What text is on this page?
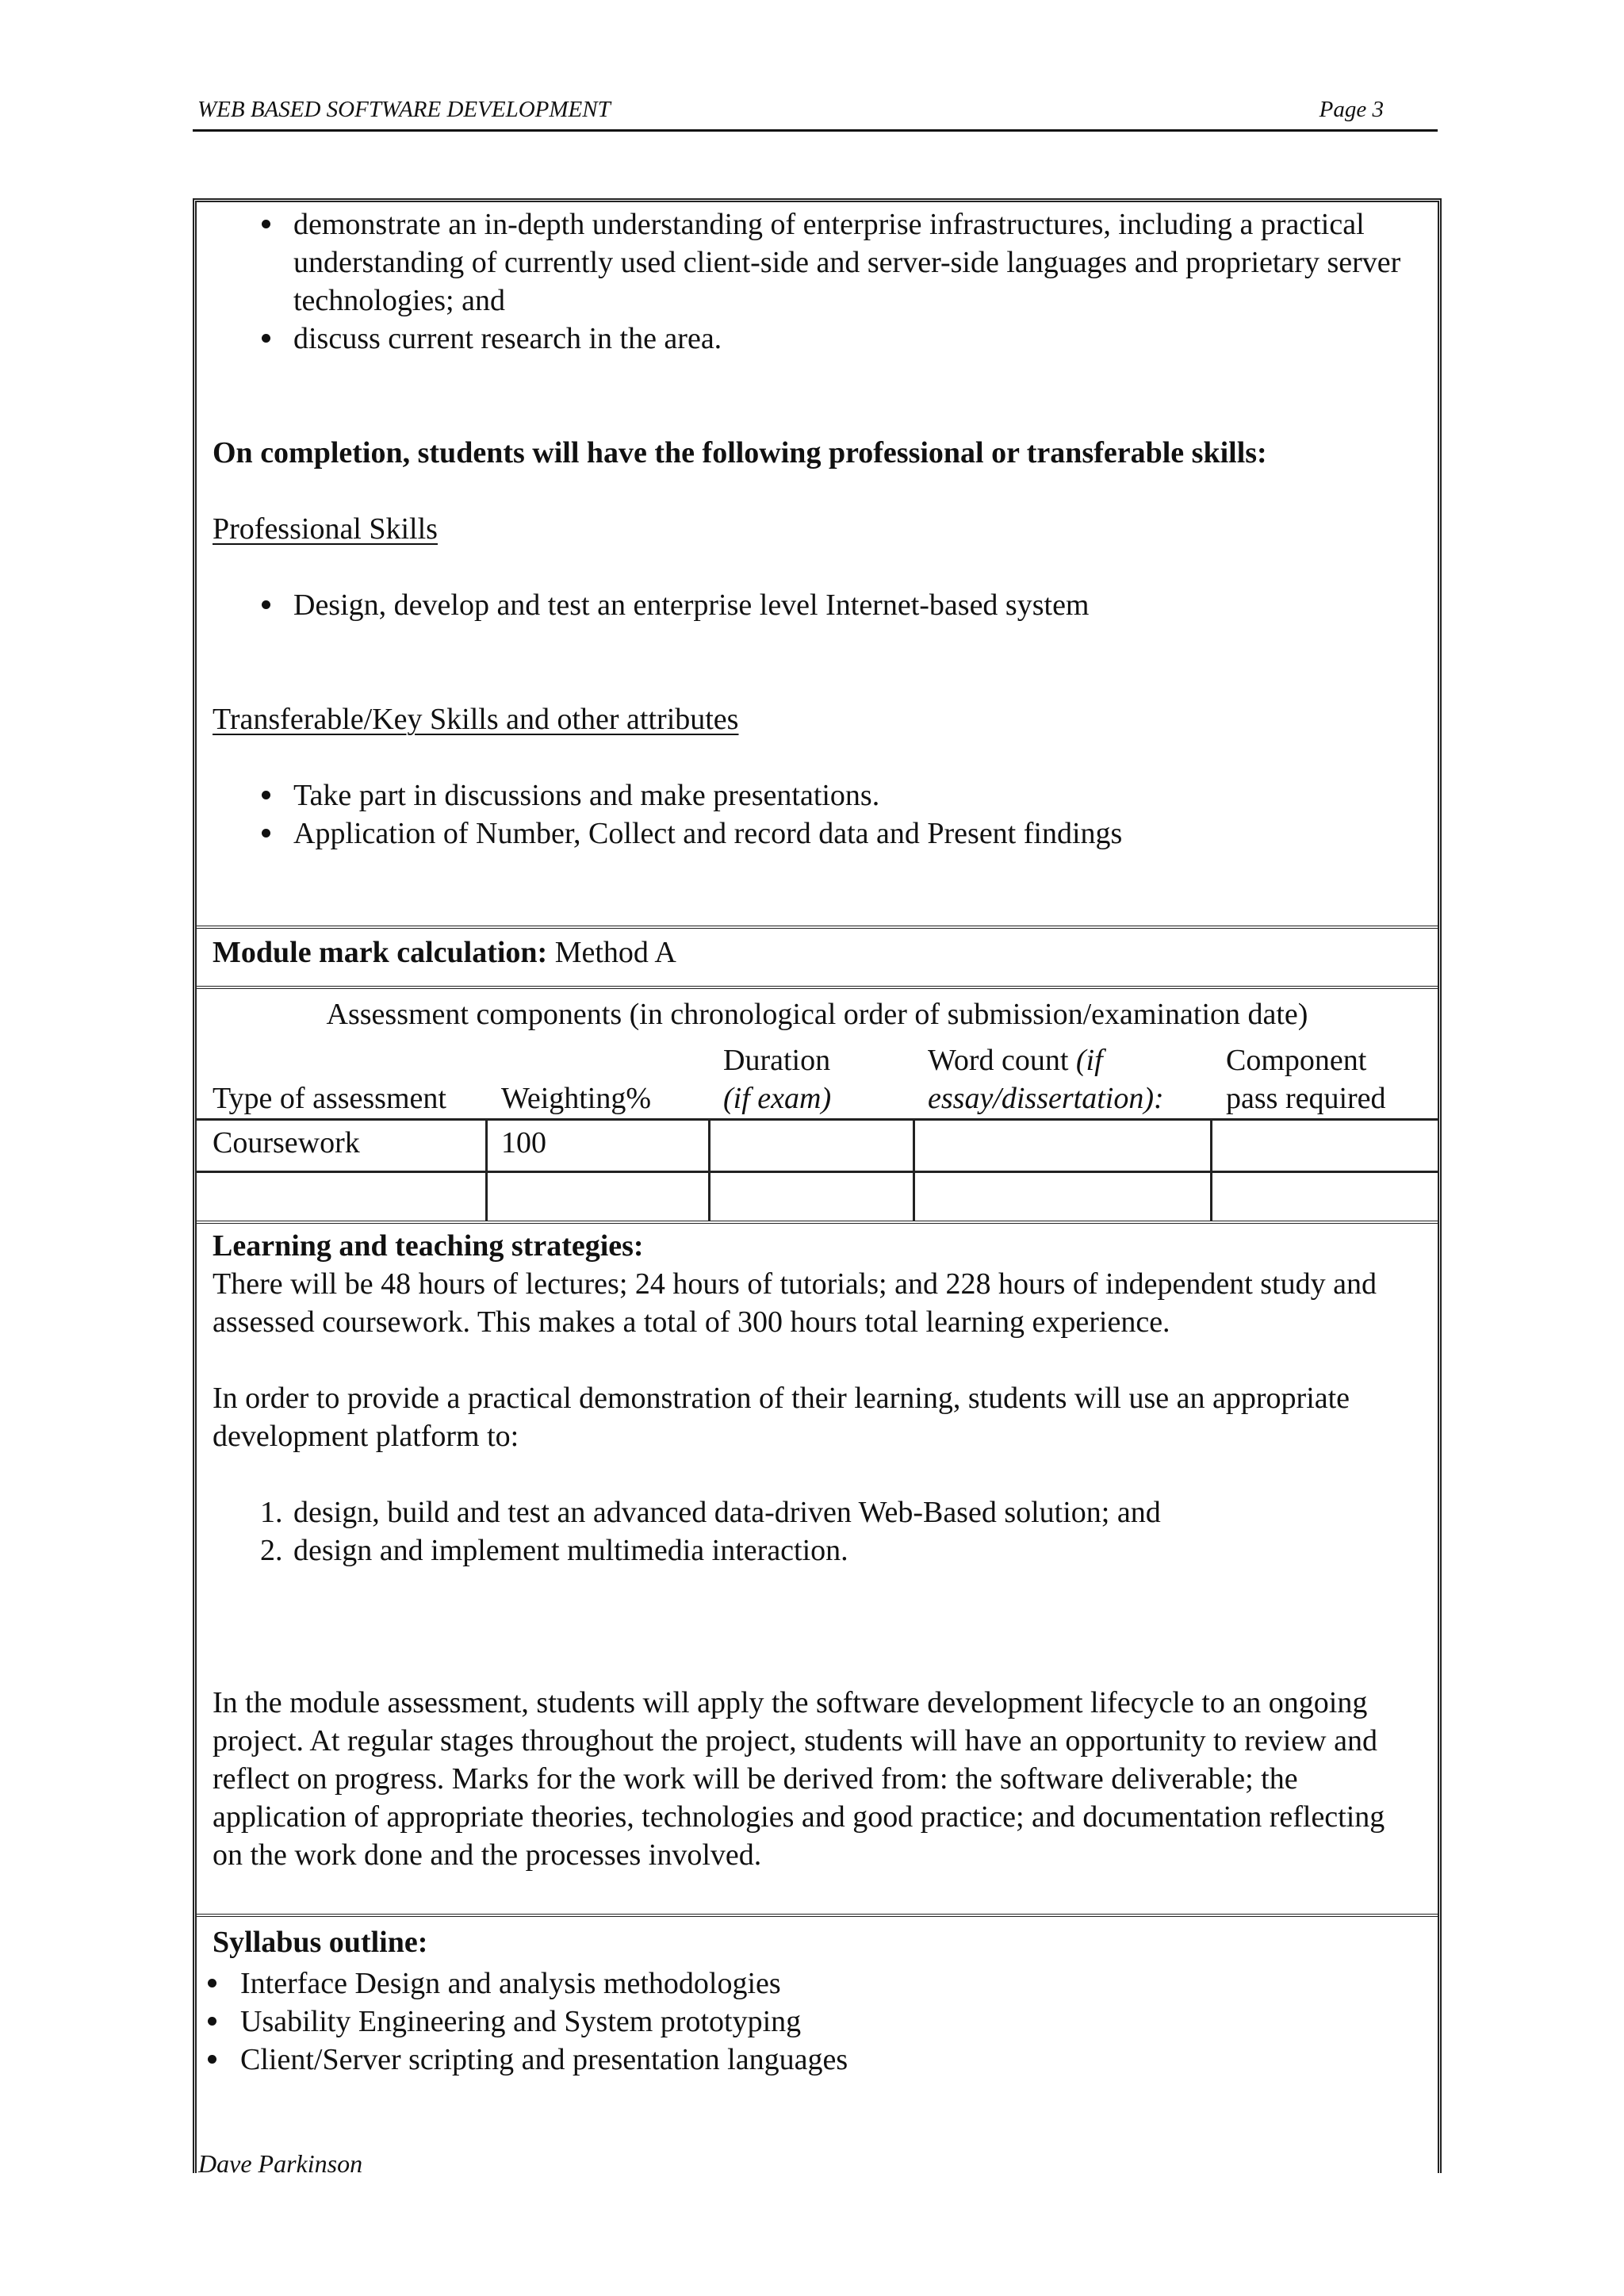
WEB BASED SOFTWARE DEVELOPMENT	Page 3
demonstrate an in-depth understanding of enterprise infrastructures, including a practical understanding of currently used client-side and server-side languages and proprietary server technologies; and
discuss current research in the area.
On completion, students will have the following professional or transferable skills:
Professional Skills
Design, develop and test an enterprise level Internet-based system
Transferable/Key Skills and other attributes
Take part in discussions and make presentations.
Application of Number, Collect and record data and Present findings
Module mark calculation: Method A
Assessment components (in chronological order of submission/examination date)
Type of assessment Weighting%
Duration
(if exam)
Word count (if
essay/dissertation):
Component
pass required
Coursework	100
Learning and teaching strategies:
There will be 48 hours of lectures; 24 hours of tutorials; and 228 hours of independent study and assessed coursework. This makes a total of 300 hours total learning experience.
In order to provide a practical demonstration of their learning, students will use an appropriate development platform to:
1. design, build and test an advanced data-driven Web-Based solution; and
2. design and implement multimedia interaction.
In the module assessment, students will apply the software development lifecycle to an ongoing project. At regular stages throughout the project, students will have an opportunity to review and reflect on progress. Marks for the work will be derived from: the software deliverable; the application of appropriate theories, technologies and good practice; and documentation reflecting on the work done and the processes involved.
Syllabus outline:
Interface Design and analysis methodologies
Usability Engineering and System prototyping
Client/Server scripting and presentation languages
Dave Parkinson
